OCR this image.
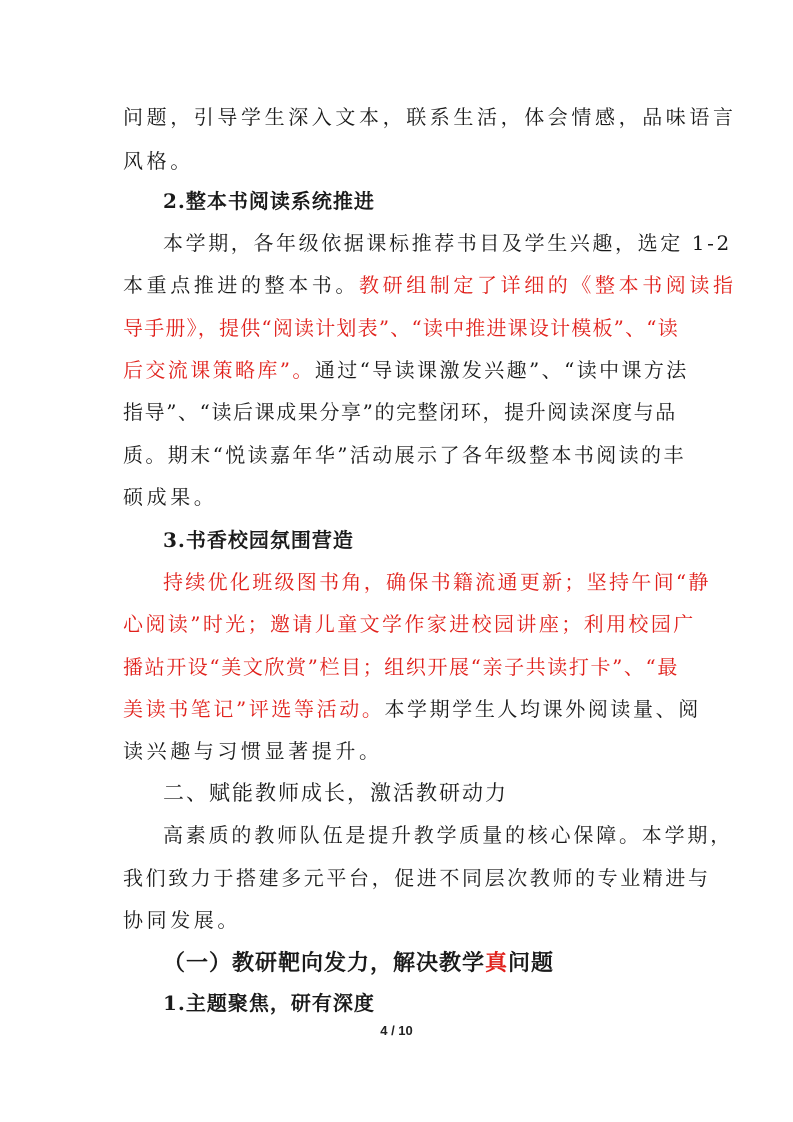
问题，引导学生深入文本，联系生活，体会情感，品味语言
风格。
2.整本书阅读系统推进
本学期，各年级依据课标推荐书目及学生兴趣，选定 1-2
本重点推进的整本书。教研组制定了详细的《整本书阅读指
导手册》，提供“阅读计划表”、“读中推进课设计模板”、“读
后交流课策略库”。通过“导读课激发兴趣”、“读中课方法
指导”、“读后课成果分享”的完整闭环，提升阅读深度与品
质。期末“悦读嘉年华”活动展示了各年级整本书阅读的丰
硕成果。
3.书香校园氛围营造
持续优化班级图书角，确保书籍流通更新；坚持午间“静
心阅读”时光；邀请儿童文学作家进校园讲座；利用校园广
播站开设“美文欣赏”栏目；组织开展“亲子共读打卡”、“最
美读书笔记”评选等活动。本学期学生人均课外阅读量、阅
读兴趣与习惯显著提升。
二、赋能教师成长，激活教研动力
高素质的教师队伍是提升教学质量的核心保障。本学期，
我们致力于搭建多元平台，促进不同层次教师的专业精进与
协同发展。
（一）教研靶向发力，解决教学真问题
1.主题聚焦，研有深度
4 / 10
